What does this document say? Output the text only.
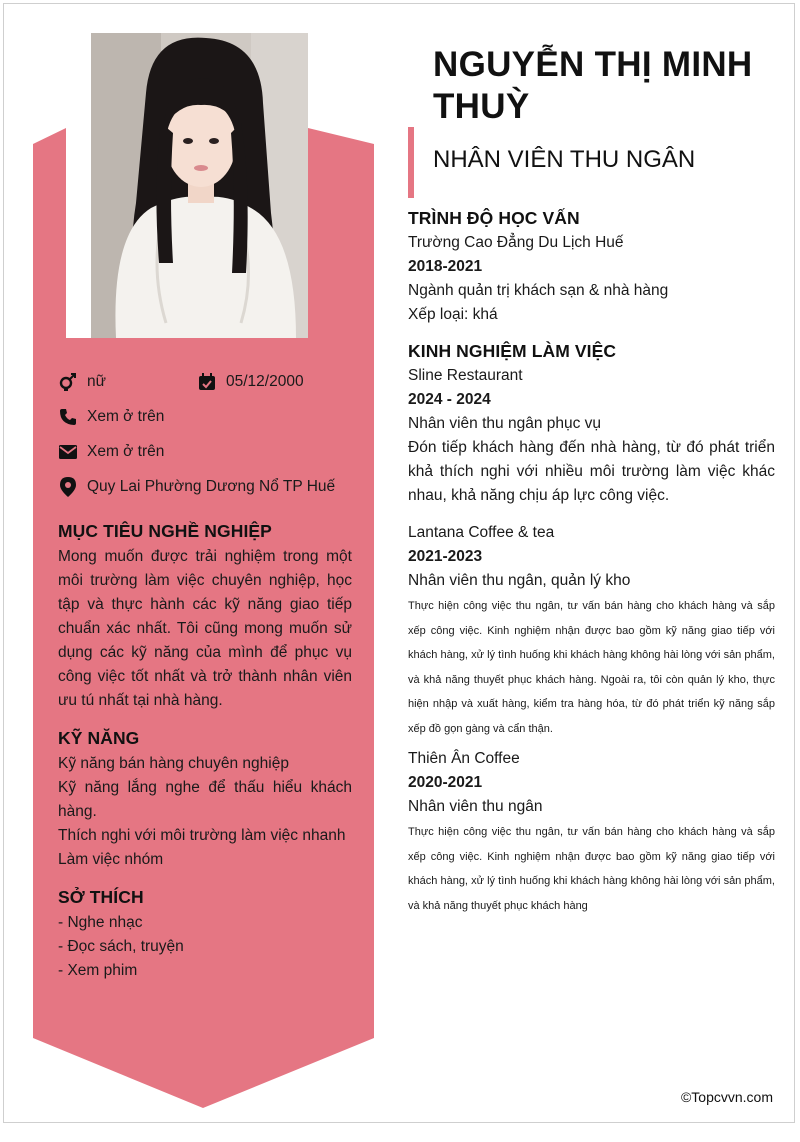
nữ	05/12/2000
Xem ở trên
Xem ở trên
Quy Lai Phường Dương Nổ TP Huế
MỤC TIÊU NGHỀ NGHIỆP
Mong muốn được trải nghiệm trong một môi trường làm việc chuyên nghiệp, học tập và thực hành các kỹ năng giao tiếp chuẩn xác nhất. Tôi cũng mong muốn sử dụng các kỹ năng của mình để phục vụ công việc tốt nhất và trở thành nhân viên ưu tú nhất tại nhà hàng.
KỸ NĂNG
Kỹ năng bán hàng chuyên nghiệp
Kỹ năng lắng nghe để thấu hiểu khách hàng.
Thích nghi với môi trường làm việc nhanh
Làm việc nhóm
SỞ THÍCH
- Nghe nhạc
- Đọc sách, truyện
- Xem phim
NGUYỄN THỊ MINH THUỲ
NHÂN VIÊN THU NGÂN
TRÌNH ĐỘ HỌC VẤN
Trường Cao Đẳng Du Lịch Huế
2018-2021
Ngành quản trị khách sạn & nhà hàng
Xếp loại: khá
KINH NGHIỆM LÀM VIỆC
Sline Restaurant
2024 - 2024
Nhân viên thu ngân phục vụ
Đón tiếp khách hàng đến nhà hàng, từ đó phát triển khả thích nghi với nhiều môi trường làm việc khác nhau, khả năng chịu áp lực công việc.
Lantana Coffee & tea
2021-2023
Nhân viên thu ngân, quản lý kho
Thực hiện công việc thu ngân, tư vấn bán hàng cho khách hàng và sắp xếp công việc. Kinh nghiệm nhận được bao gồm kỹ năng giao tiếp với khách hàng, xử lý tình huống khi khách hàng không hài lòng với sản phẩm, và khả năng thuyết phục khách hàng. Ngoài ra, tôi còn quản lý kho, thực hiện nhập và xuất hàng, kiểm tra hàng hóa, từ đó phát triển kỹ năng sắp xếp đồ gọn gàng và cẩn thận.
Thiên Ân Coffee
2020-2021
Nhân viên thu ngân
Thực hiện công việc thu ngân, tư vấn bán hàng cho khách hàng và sắp xếp công việc. Kinh nghiệm nhận được bao gồm kỹ năng giao tiếp với khách hàng, xử lý tình huống khi khách hàng không hài lòng với sản phẩm, và khả năng thuyết phục khách hàng
©Topcvvn.com
